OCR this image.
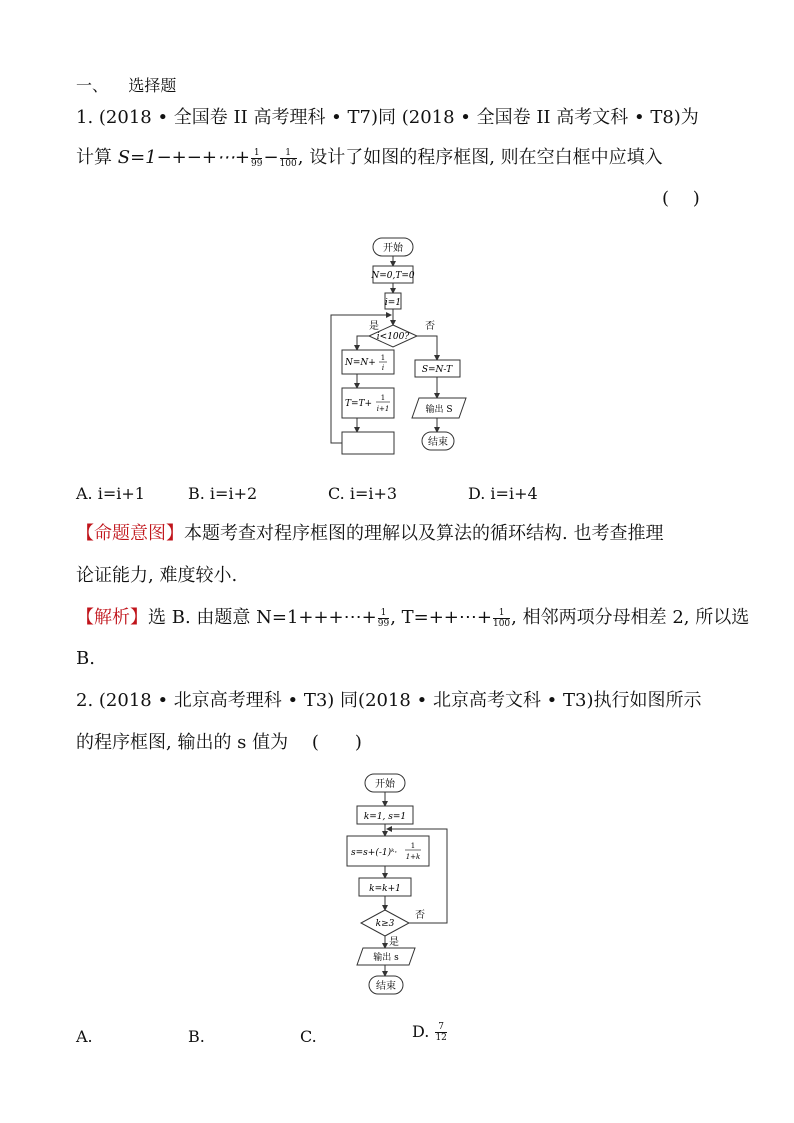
一、 选择题
1. (2018 • 全国卷 II 高考理科 • T7)同 (2018 • 全国卷 II 高考文科 • T8)为
计算 S=1−+−+⋯+ $\frac{1}{99} - \frac{1}{100}$ , 设计了如图的程序框图, 则在空白框中应填入
(　 )
开始
N=0,T=0
i=1
i<100?
是	否
N=N+ 1
i
T=T+
1
i+1
S=N-T
输出 S
结束
A. i=i+1	B. i=i+2	C. i=i+3	D. i=i+4
【命题意图】本题考查对程序框图的理解以及算法的循环结构. 也考查推理
论证能力, 难度较小.
【解析】选 B. 由题意 N=1+++⋯+ $\frac{1}{99}$ , T=++⋯+ $\frac{1}{100}$ , 相邻两项分母相差 2, 所以选
B.
2. (2018 • 北京高考理科 • T3) 同(2018 • 北京高考文科 • T3)执行如图所示
的程序框图, 输出的 s 值为　 (　　)
开始
k=1, s=1
s=s+(-1)ᵏ·
1
1+k
k=k+1
k≥3
否
是
输出 s
结束
A.	B.	C.	D. $\frac{7}{12}$
